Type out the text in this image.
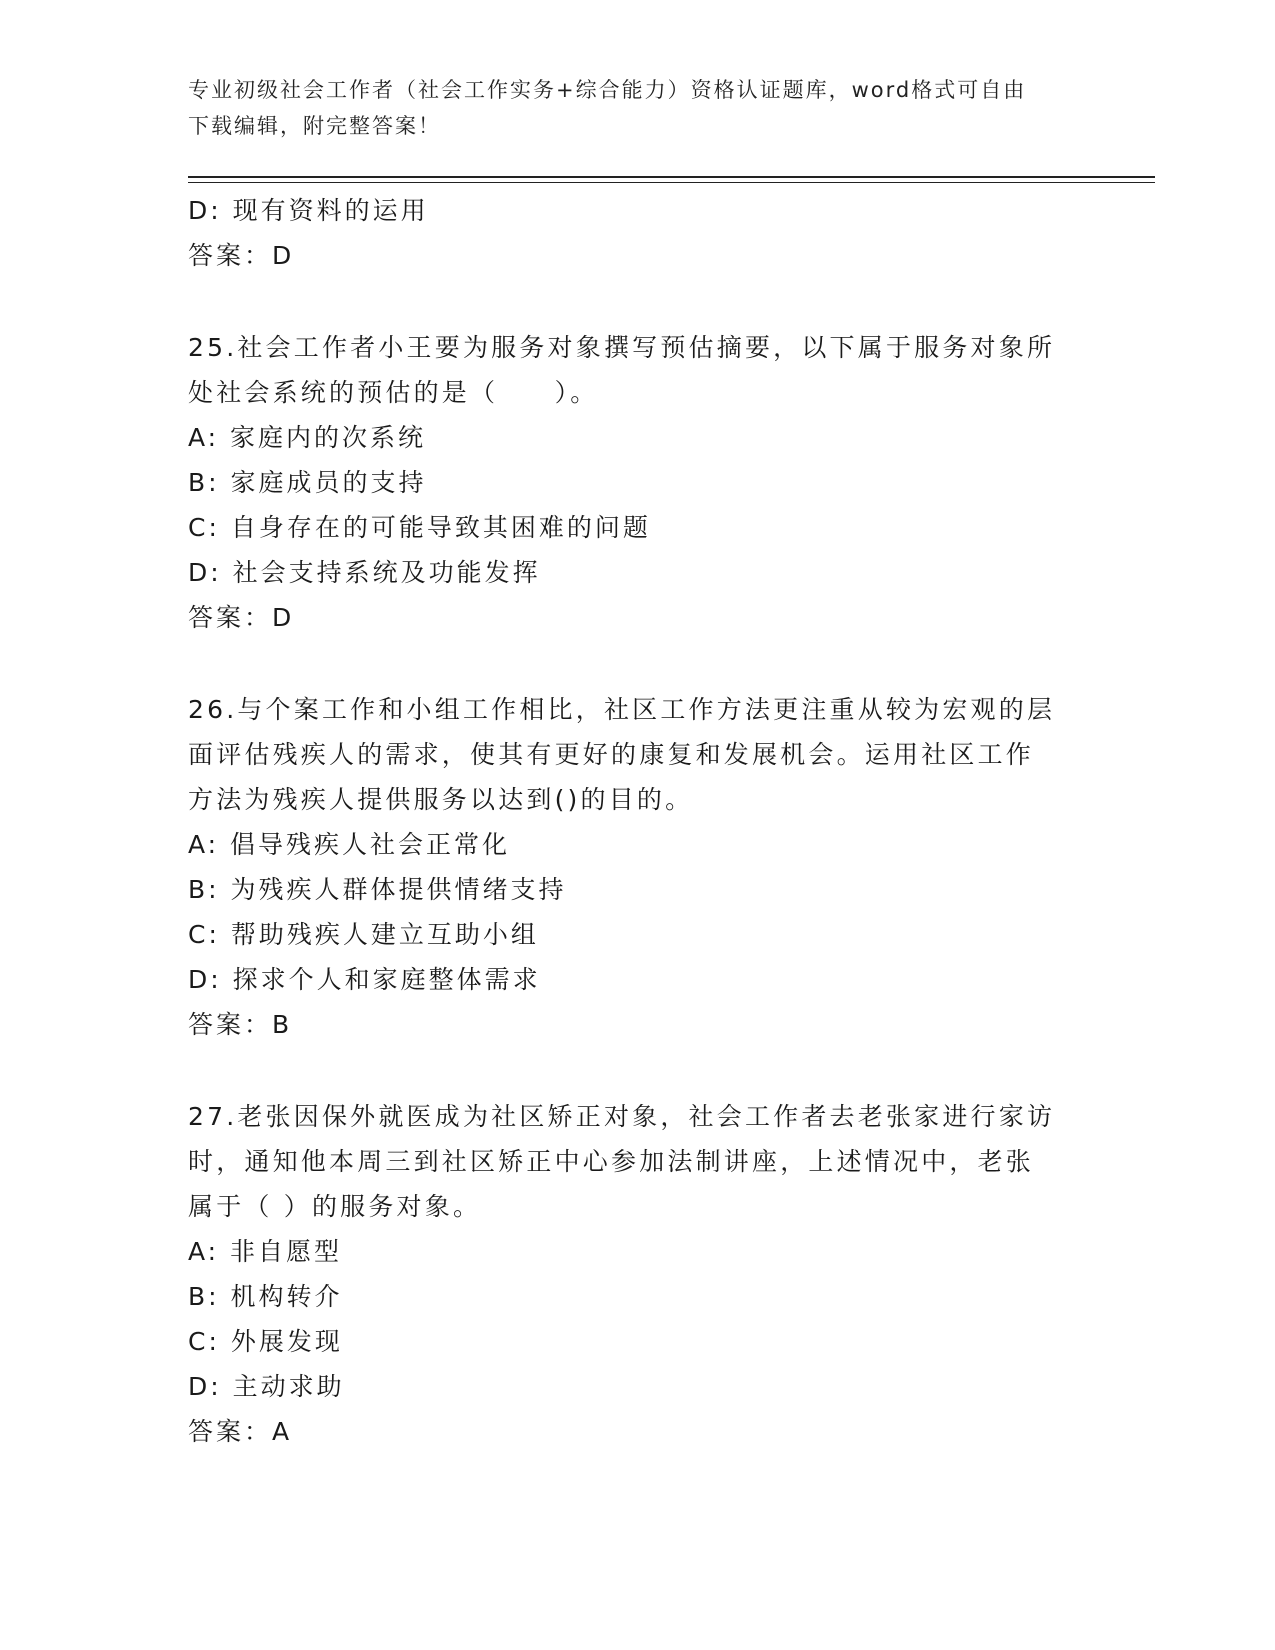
专业初级社会工作者（社会工作实务+综合能力）资格认证题库，word格式可自由
下载编辑，附完整答案！
D: 现有资料的运用
答案：D
25.社会工作者小王要为服务对象撰写预估摘要，以下属于服务对象所
处社会系统的预估的是（　　）。
A: 家庭内的次系统
B: 家庭成员的支持
C: 自身存在的可能导致其困难的问题
D: 社会支持系统及功能发挥
答案：D
26.与个案工作和小组工作相比，社区工作方法更注重从较为宏观的层
面评估残疾人的需求，使其有更好的康复和发展机会。运用社区工作
方法为残疾人提供服务以达到()的目的。
A: 倡导残疾人社会正常化
B: 为残疾人群体提供情绪支持
C: 帮助残疾人建立互助小组
D: 探求个人和家庭整体需求
答案：B
27.老张因保外就医成为社区矫正对象，社会工作者去老张家进行家访
时，通知他本周三到社区矫正中心参加法制讲座，上述情况中，老张
属于（ ）的服务对象。
A: 非自愿型
B: 机构转介
C: 外展发现
D: 主动求助
答案：A
